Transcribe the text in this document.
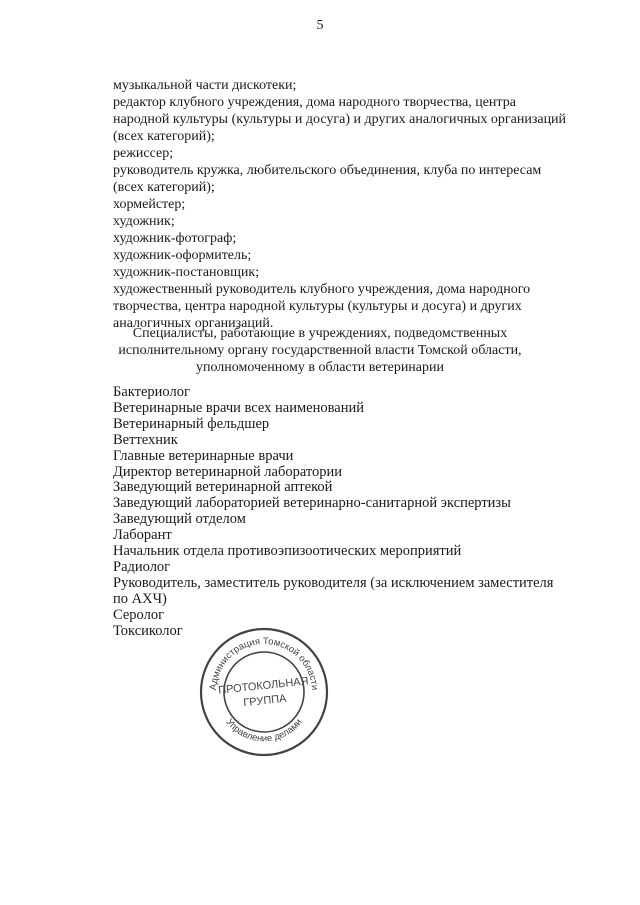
5

музыкальной части дискотеки;

редактор клубного учреждения, дома народного творчества, центра

народной культуры (культуры и досуга) и других аналогичных организаций

(всех категорий);

режиссер;

руководитель кружка, любительского объединения, клуба по интересам

(всех категорий);

хормейстер;

художник;

художник-фотограф;

художник-оформитель;

художник-постановщик;

художественный руководитель клубного учреждения, дома народного

творчества, центра народной культуры (культуры и досуга) и других

аналогичных организаций.

Специалисты, работающие в учреждениях, подведомственных
исполнительному органу государственной власти Томской области,
уполномоченному в области ветеринарии

Бактериолог

Ветеринарные врачи всех наименований

Ветеринарный фельдшер

Веттехник

Главные ветеринарные врачи

Директор ветеринарной лаборатории

Заведующий ветеринарной аптекой

Заведующий лабораторией ветеринарно-санитарной экспертизы

Заведующий отделом

Лаборант

Начальник отдела противоэпизоотических мероприятий

Радиолог

Руководитель, заместитель руководителя (за исключением заместителя

по АХЧ)

Серолог

Токсиколог

Администрация Томской области
Управление делами
ПРОТОКОЛЬНАЯ
ГРУППА
